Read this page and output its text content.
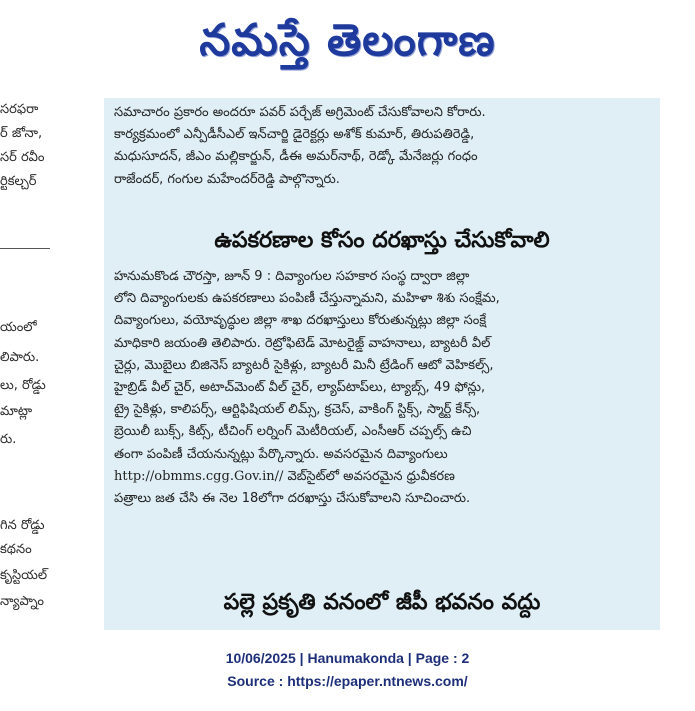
నమస్తే తెలంగాణ
సరఫరా
ర్ జోనా,
సర్ రవీం
ర్టికల్చర్
యంలో
లిపారు.
లు, రోడ్డు
మాట్లా
రు.
గిన రోడ్డు
కథనం
కృస్టియల్
న్యాప్నాం
సమాచారం ప్రకారం అందరూ పవర్ పర్చేజ్ అగ్రిమెంట్ చేసుకోవాలని కోరారు.
కార్యక్రమంలో ఎన్పీడీసీఎల్ ఇన్‌చార్జి డైరెక్టర్లు అశోక్ కుమార్, తిరుపతిరెడ్డి,
మధుసూదన్, జీఎం మల్లికార్జున్, డీఈ అమర్‌నాథ్, రెడ్కో మేనేజర్లు గంధం
రాజేందర్, గంగుల మహేందర్‌రెడ్డి పాల్గొన్నారు.
ఉపకరణాల కోసం దరఖాస్తు చేసుకోవాలి
హనుమకొండ చౌరస్తా, జూన్ 9 : దివ్యాంగుల సహకార సంస్థ ద్వారా జిల్లా
లోని దివ్యాంగులకు ఉపకరణాలు పంపిణీ చేస్తున్నామని, మహిళా శిశు సంక్షేమ,
దివ్యాంగులు, వయోవృద్ధుల జిల్లా శాఖ దరఖాస్తులు కోరుతున్నట్లు జిల్లా సంక్షే
మాధికారి జయంతి తెలిపారు. రెట్రోఫిటెడ్ మోటరైజ్డ్ వాహనాలు, బ్యాటరీ వీల్
చైర్లు, మొబైలు బిజినెస్ బ్యాటరీ సైకిళ్లు, బ్యాటరీ మినీ ట్రేడింగ్ ఆటో వెహికల్స్,
హైబ్రిడ్ వీల్ చైర్, అటాచ్‌మెంట్ వీల్ చైర్, ల్యాప్‌టాప్‌లు, ట్యాబ్స్, 49 ఫోన్లు,
ట్రై సైకిళ్లు, కాలిపర్స్, ఆర్టిఫిషియల్ లిమ్స్, క్రచెస్, వాకింగ్ స్టిక్స్, స్మార్ట్ కేన్స్,
బ్రెయిలీ బుక్స్, కిట్స్, టీచింగ్ లర్నింగ్ మెటీరియల్, ఎంసీఆర్ చప్పల్స్ ఉచి
తంగా పంపిణీ చేయనున్నట్లు పేర్కొన్నారు. అవసరమైన దివ్యాంగులు
http://obmms.cgg.Gov.in// వెబ్‌సైట్‌లో అవసరమైన ధ్రువీకరణ
పత్రాలు జత చేసి ఈ నెల 18లోగా దరఖాస్తు చేసుకోవాలని సూచించారు.
పల్లె ప్రకృతి వనంలో జీపీ భవనం వద్దు
10/06/2025 | Hanumakonda | Page : 2
Source : https://epaper.ntnews.com/
